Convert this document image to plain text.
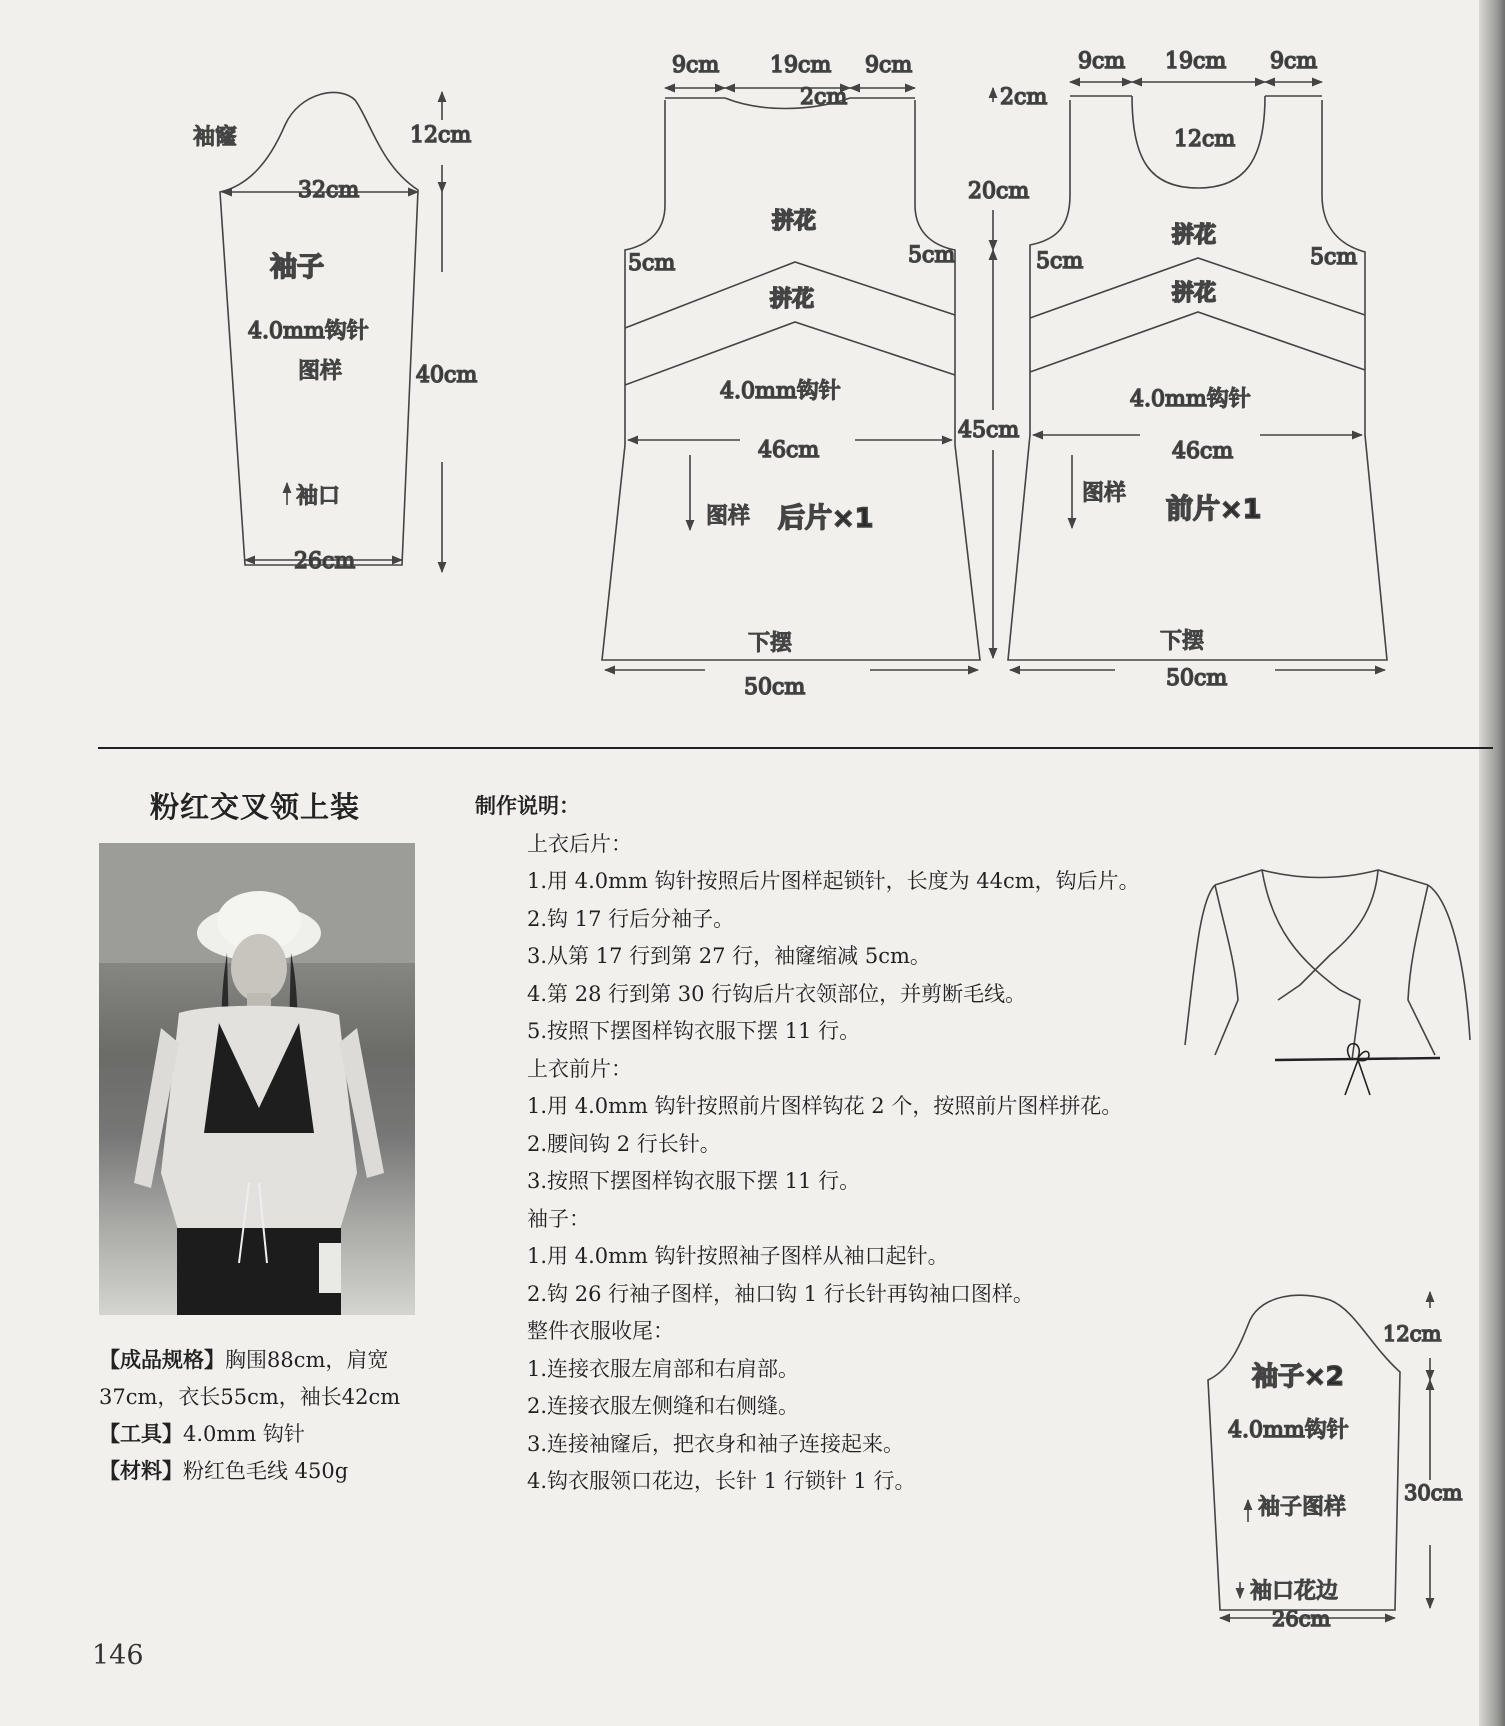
袖窿	12cm
32cm
袖子
4.0mm钩针
图样	40cm
袖口
26cm
9cm 19cm 9cm
2cm
拼花
拼花
5cm	5cm
4.0mm钩针
46cm
图样 后片×1
下摆
50cm
2cm
20cm
45cm
9cm 19cm 9cm
12cm
拼花
拼花
5cm	5cm
4.0mm钩针
46cm
图样
前片×1
下摆
50cm
粉红交叉领上装
【成品规格】胸围88cm，肩宽37cm，衣长55cm，袖长42cm
【工具】4.0mm 钩针
【材料】粉红色毛线 450g
制作说明：
上衣后片：
1.用 4.0mm 钩针按照后片图样起锁针，长度为 44cm，钩后片。
2.钩 17 行后分袖子。
3.从第 17 行到第 27 行，袖窿缩减 5cm。
4.第 28 行到第 30 行钩后片衣领部位，并剪断毛线。
5.按照下摆图样钩衣服下摆 11 行。
上衣前片：
1.用 4.0mm 钩针按照前片图样钩花 2 个，按照前片图样拼花。
2.腰间钩 2 行长针。
3.按照下摆图样钩衣服下摆 11 行。
袖子：
1.用 4.0mm 钩针按照袖子图样从袖口起针。
2.钩 26 行袖子图样，袖口钩 1 行长针再钩袖口图样。
整件衣服收尾：
1.连接衣服左肩部和右肩部。
2.连接衣服左侧缝和右侧缝。
3.连接袖窿后，把衣身和袖子连接起来。
4.钩衣服领口花边，长针 1 行锁针 1 行。
12cm
袖子×2
4.0mm钩针
30cm
袖子图样
袖口花边
26cm
146
